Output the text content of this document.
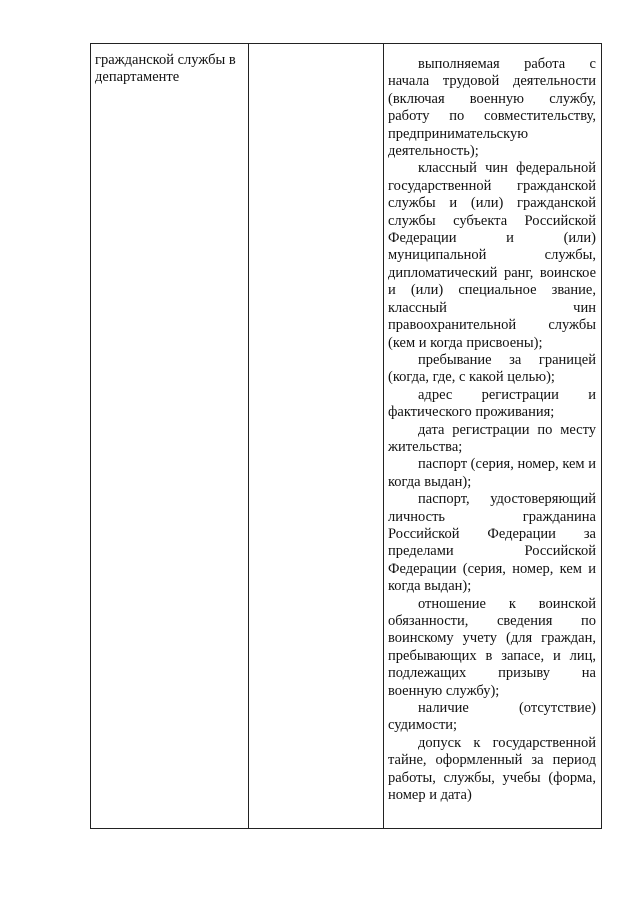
гражданской службы в департаменте

выполняемая работа с начала трудовой деятельности (включая военную службу, работу по совместительству, предпринимательскую деятельность);

классный чин федеральной государственной гражданской службы и (или) гражданской службы субъекта Российской Федерации и (или) муниципальной службы, дипломатический ранг, воинское и (или) специальное звание, классный чин правоохранительной службы (кем и когда присвоены);

пребывание за границей (когда, где, с какой целью);

адрес регистрации и фактического проживания;

дата регистрации по месту жительства;

паспорт (серия, номер, кем и когда выдан);

паспорт, удостоверяющий личность гражданина Российской Федерации за пределами Российской Федерации (серия, номер, кем и когда выдан);

отношение к воинской обязанности, сведения по воинскому учету (для граждан, пребывающих в запасе, и лиц, подлежащих призыву на военную службу);

наличие (отсутствие) судимости;

допуск к государственной тайне, оформленный за период работы, службы, учебы (форма, номер и дата)
